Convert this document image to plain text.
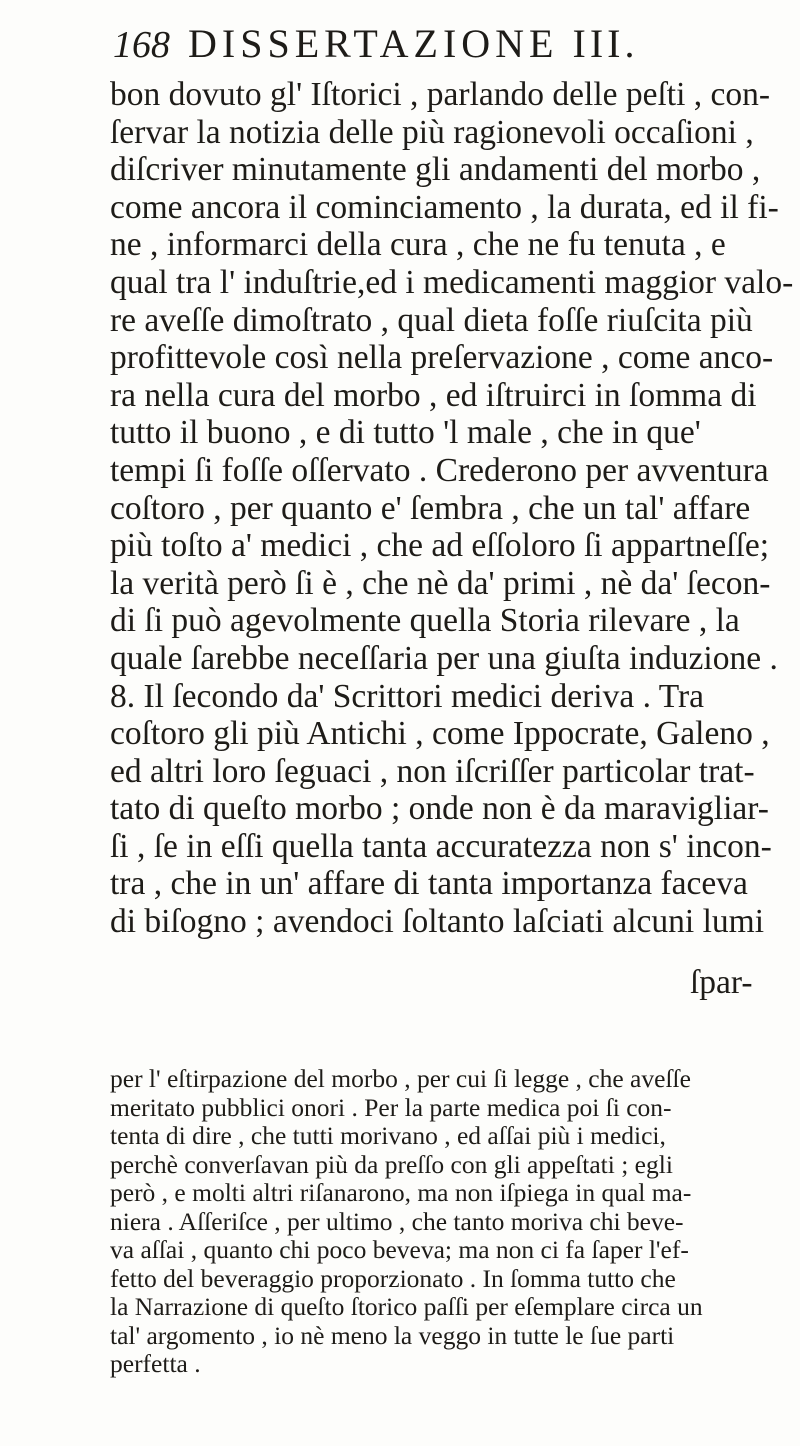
168 DISSERTAZIONE III.
bon dovuto gl' Iſtorici , parlando delle peſti , con-
ſervar la notizia delle più ragionevoli occaſioni ,
diſcriver minutamente gli andamenti del morbo ,
come ancora il cominciamento , la durata, ed il fi-
ne , informarci della cura , che ne fu tenuta , e
qual tra l' induſtrie,ed i medicamenti maggior valo-
re aveſſe dimoſtrato , qual dieta foſſe riuſcita più
profittevole così nella preſervazione , come anco-
ra nella cura del morbo , ed iſtruirci in ſomma di
tutto il buono , e di tutto 'l male , che in que'
tempi ſi foſſe oſſervato . Crederono per avventura
coſtoro , per quanto e' ſembra , che un tal' affare
più toſto a' medici , che ad eſſoloro ſi appartneſſe;
la verità però ſi è , che nè da' primi , nè da' ſecon-
di ſi può agevolmente quella Storia rilevare , la
quale ſarebbe neceſſaria per una giuſta induzione .
8. Il ſecondo da' Scrittori medici deriva . Tra
coſtoro gli più Antichi , come Ippocrate, Galeno ,
ed altri loro ſeguaci , non iſcriſſer particolar trat-
tato di queſto morbo ; onde non è da maravigliar-
ſi , ſe in eſſi quella tanta accuratezza non s' incon-
tra , che in un' affare di tanta importanza faceva
di biſogno ; avendoci ſoltanto laſciati alcuni lumi
ſpar-
per l' eſtirpazione del morbo , per cui ſi legge , che aveſſe
meritato pubblici onori . Per la parte medica poi ſi con-
tenta di dire , che tutti morivano , ed aſſai più i medici,
perchè converſavan più da preſſo con gli appeſtati ; egli
però , e molti altri riſanarono, ma non iſpiega in qual ma-
niera . Aſſeriſce , per ultimo , che tanto moriva chi beve-
va aſſai , quanto chi poco beveva; ma non ci fa ſaper l'ef-
fetto del beveraggio proporzionato . In ſomma tutto che
la Narrazione di queſto ſtorico paſſi per eſemplare circa un
tal' argomento , io nè meno la veggo in tutte le ſue parti
perfetta .
